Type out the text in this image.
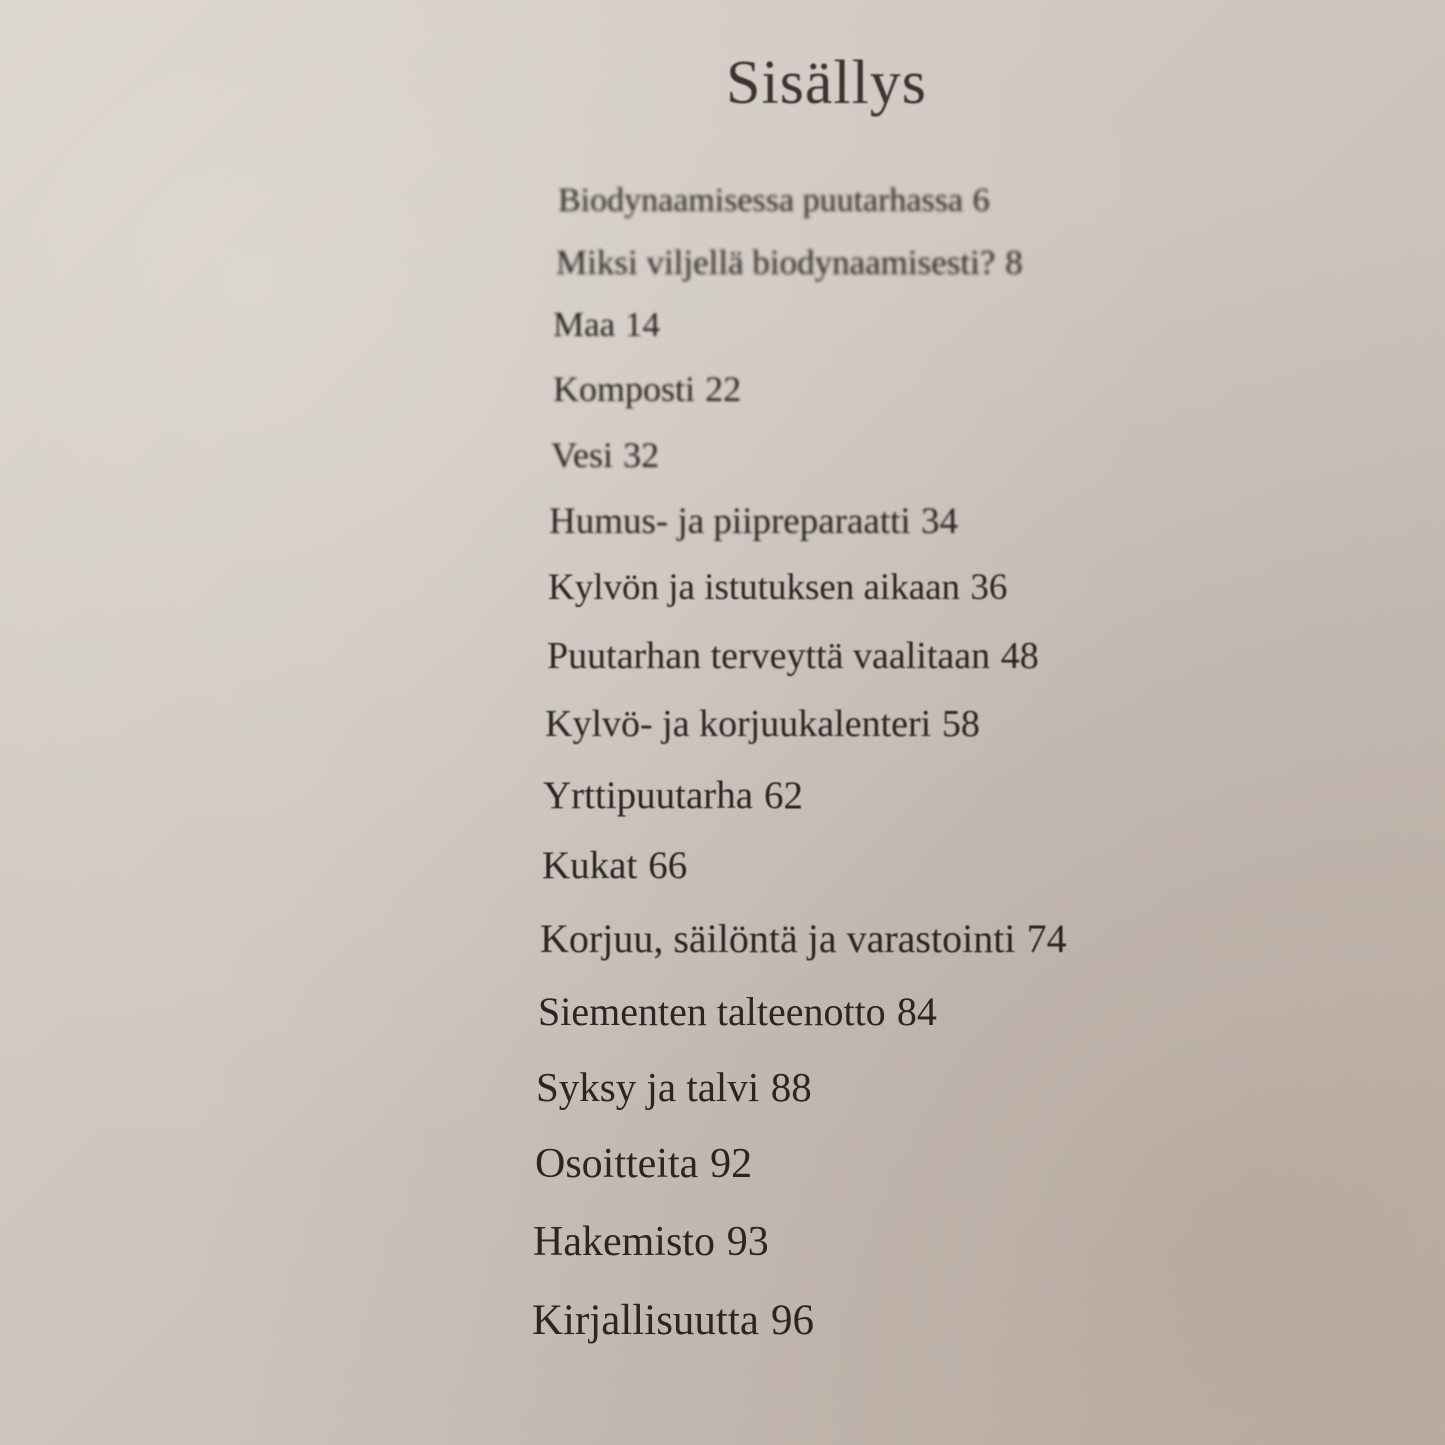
Sisällys
Biodynaamisessa puutarhassa 6
Miksi viljellä biodynaamisesti? 8
Maa 14
Komposti 22
Vesi 32
Humus- ja piipreparaatti 34
Kylvön ja istutuksen aikaan 36
Puutarhan terveyttä vaalitaan 48
Kylvö- ja korjuukalenteri 58
Yrttipuutarha 62
Kukat 66
Korjuu, säilöntä ja varastointi 74
Siementen talteenotto 84
Syksy ja talvi 88
Osoitteita 92
Hakemisto 93
Kirjallisuutta 96
